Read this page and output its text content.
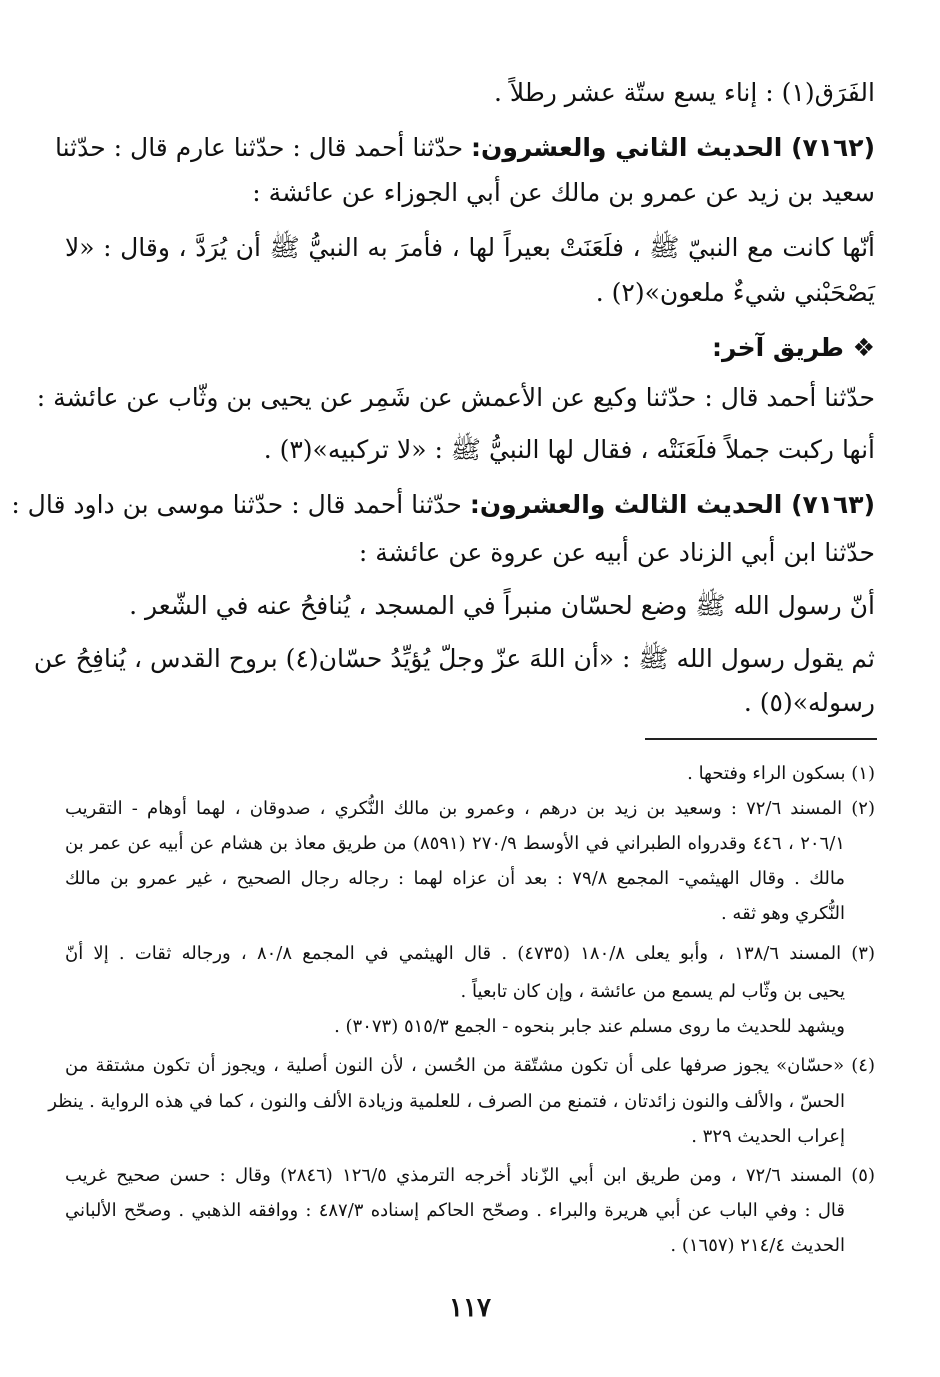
الفَرَق(١) : إناء يسع ستّة عشر رطلاً .
(٧١٦٢) الحديث الثاني والعشرون: حدّثنا أحمد قال : حدّثنا عارم قال : حدّثنا
سعيد بن زيد عن عمرو بن مالك عن أبي الجوزاء عن عائشة :
أنّها كانت مع النبيّ ﷺ ، فلَعَنَتْ بعيراً لها ، فأمرَ به النبيُّ ﷺ أن يُرَدَّ ، وقال : «لا
يَصْحَبْني شيءٌ ملعون»(٢) .
❖ طريق آخر:
حدّثنا أحمد قال : حدّثنا وكيع عن الأعمش عن شَمِر عن يحيى بن وثّاب عن عائشة :
أنها ركبت جملاً فلَعَنَتْه ، فقال لها النبيُّ ﷺ : «لا تركبيه»(٣) .
(٧١٦٣) الحديث الثالث والعشرون: حدّثنا أحمد قال : حدّثنا موسى بن داود قال :
حدّثنا ابن أبي الزناد عن أبيه عن عروة عن عائشة :
أنّ رسول الله ﷺ وضع لحسّان منبراً في المسجد ، يُنافحُ عنه في الشّعر .
ثم يقول رسول الله ﷺ : «أن اللهَ عزّ وجلّ يُؤيِّدُ حسّان(٤) بروح القدس ، يُنافِحُ عن
رسوله»(٥) .
(١) بسكون الراء وفتحها .
(٢) المسند ٧٢/٦ : وسعيد بن زيد بن درهم ، وعمرو بن مالك النُّكري ، صدوقان ، لهما أوهام - التقريب
٢٠٦/١ ، ٤٤٦ وقدرواه الطبراني في الأوسط ٢٧٠/٩ (٨٥٩١) من طريق معاذ بن هشام عن أبيه عن عمر بن
مالك . وقال الهيثمي- المجمع ٧٩/٨ : بعد أن عزاه لهما : رجاله رجال الصحيح ، غير عمرو بن مالك
النُّكري وهو ثقه .
(٣) المسند ١٣٨/٦ ، وأبو يعلى ١٨٠/٨ (٤٧٣٥) . قال الهيثمي في المجمع ٨٠/٨ ، ورجاله ثقات . إلا أنّ
يحيى بن وثّاب لم يسمع من عائشة ، وإن كان تابعياً .
ويشهد للحديث ما روى مسلم عند جابر بنحوه - الجمع ٥١٥/٣ (٣٠٧٣) .
(٤) «حسّان» يجوز صرفها على أن تكون مشتّقة من الحُسن ، لأن النون أصلية ، ويجوز أن تكون مشتقة من
الحسّ ، والألف والنون زائدتان ، فتمنع من الصرف ، للعلمية وزيادة الألف والنون ، كما في هذه الرواية . ينظر
إعراب الحديث ٣٢٩ .
(٥) المسند ٧٢/٦ ، ومن طريق ابن أبي الزّناد أخرجه الترمذي ١٢٦/٥ (٢٨٤٦) وقال : حسن صحيح غريب
قال : وفي الباب عن أبي هريرة والبراء . وصحّح الحاكم إسناده ٤٨٧/٣ : ووافقه الذهبي . وصحّح الألباني
الحديث ٢١٤/٤ (١٦٥٧) .
١١٧
